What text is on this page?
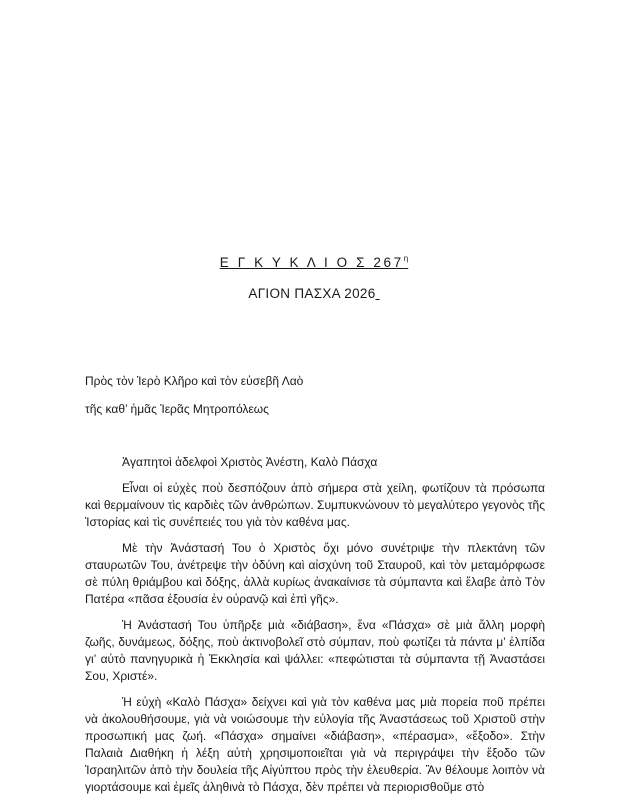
Ε Γ Κ Υ Κ Λ Ι Ο Σ $267^\eta$
ΑΓΙΟΝ ΠΑΣΧΑ 2026
Πρὸς τὸν Ἱερὸ Κλῆρο καὶ τὸν εὐσεβῆ Λαὸ
τῆς καθ’ ἡμᾶς Ἱερᾶς Μητροπόλεως
Ἀγαπητοὶ ἀδελφοὶ Χριστὸς Ἀνέστη, Καλὸ Πάσχα

Εἶναι οἱ εὐχὲς ποὺ δεσπόζουν ἀπὸ σήμερα στὰ χείλη, φωτίζουν τὰ πρόσωπα καὶ θερμαίνουν τὶς καρδιὲς τῶν ἀνθρώπων. Συμπυκνώνουν τὸ μεγαλύτερο γεγονὸς τῆς Ἱστορίας καὶ τὶς συνέπειές του γιὰ τὸν καθένα μας.

Μὲ τὴν Ἀνάστασή Του ὁ Χριστὸς ὄχι μόνο συνέτριψε τὴν πλεκτάνη τῶν σταυρωτῶν Του, ἀνέτρεψε τὴν ὀδύνη καὶ αἰσχύνη τοῦ Σταυροῦ, καὶ τὸν μεταμόρφωσε σὲ πύλη θριάμβου καὶ δόξης, ἀλλὰ κυρίως ἀνακαίνισε τὰ σύμπαντα καὶ ἔλαβε ἀπὸ Τὸν Πατέρα «πᾶσα ἐξουσία ἐν οὐρανῷ καὶ ἐπὶ γῆς».

Ἡ Ἀνάστασή Του ὑπῆρξε μιὰ «διάβαση», ἕνα «Πάσχα» σὲ μιὰ ἄλλη μορφὴ ζωῆς, δυνάμεως, δόξης, ποὺ ἀκτινοβολεῖ στὸ σύμπαν, ποὺ φωτίζει τὰ πάντα μ’ ἐλπίδα γι’ αὐτὸ πανηγυρικὰ ἡ Ἐκκλησία καὶ ψάλλει: «πεφώτισται τὰ σύμπαντα τῇ Ἀναστάσει Σου, Χριστέ».

Ἡ εὐχὴ «Καλὸ Πάσχα» δείχνει καὶ γιὰ τὸν καθένα μας μιὰ πορεία ποῦ πρέπει νὰ ἀκολουθήσουμε, γιὰ νὰ νοιώσουμε τὴν εὐλογία τῆς Ἀναστάσεως τοῦ Χριστοῦ στὴν προσωπική μας ζωή. «Πάσχα» σημαίνει «διάβαση», «πέρασμα», «ἔξοδο». Στὴν Παλαιὰ Διαθήκη ἡ λέξη αὐτὴ χρησιμοποιεῖται γιὰ νὰ περιγράψει τὴν ἔξοδο τῶν Ἰσραηλιτῶν ἀπὸ τὴν δουλεία τῆς Αἰγύπτου πρὸς τὴν ἐλευθερία. Ἂν θέλουμε λοιπὸν νὰ γιορτάσουμε καὶ ἐμεῖς ἀληθινὰ τὸ Πάσχα, δὲν πρέπει νὰ περιορισθοῦμε στὸ
